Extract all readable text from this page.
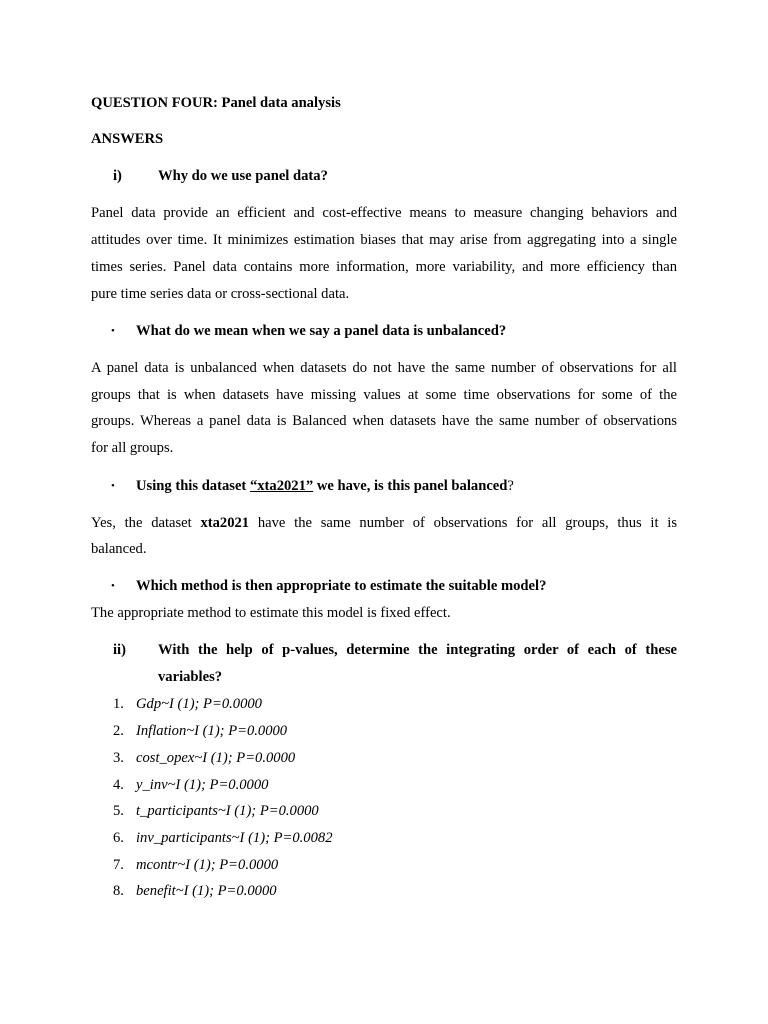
QUESTION FOUR: Panel data analysis
ANSWERS
i) Why do we use panel data?
Panel data provide an efficient and cost-effective means to measure changing behaviors and
attitudes over time. It minimizes estimation biases that may arise from aggregating into a single
times series. Panel data contains more information, more variability, and more efficiency than
pure time series data or cross-sectional data.
• What do we mean when we say a panel data is unbalanced?
A panel data is unbalanced when datasets do not have the same number of observations for all
groups that is when datasets have missing values at some time observations for some of the
groups. Whereas a panel data is Balanced when datasets have the same number of observations
for all groups.
• Using this dataset “xta2021” we have, is this panel balanced?
Yes, the dataset xta2021 have the same number of observations for all groups, thus it is
balanced.
• Which method is then appropriate to estimate the suitable model?
The appropriate method to estimate this model is fixed effect.
ii) With the help of p-values, determine the integrating order of each of these
variables?
1. Gdp~I (1); P=0.0000
2. Inflation~I (1); P=0.0000
3. cost_opex~I (1); P=0.0000
4. y_inv~I (1); P=0.0000
5. t_participants~I (1); P=0.0000
6. inv_participants~I (1); P=0.0082
7. mcontr~I (1); P=0.0000
8. benefit~I (1); P=0.0000
